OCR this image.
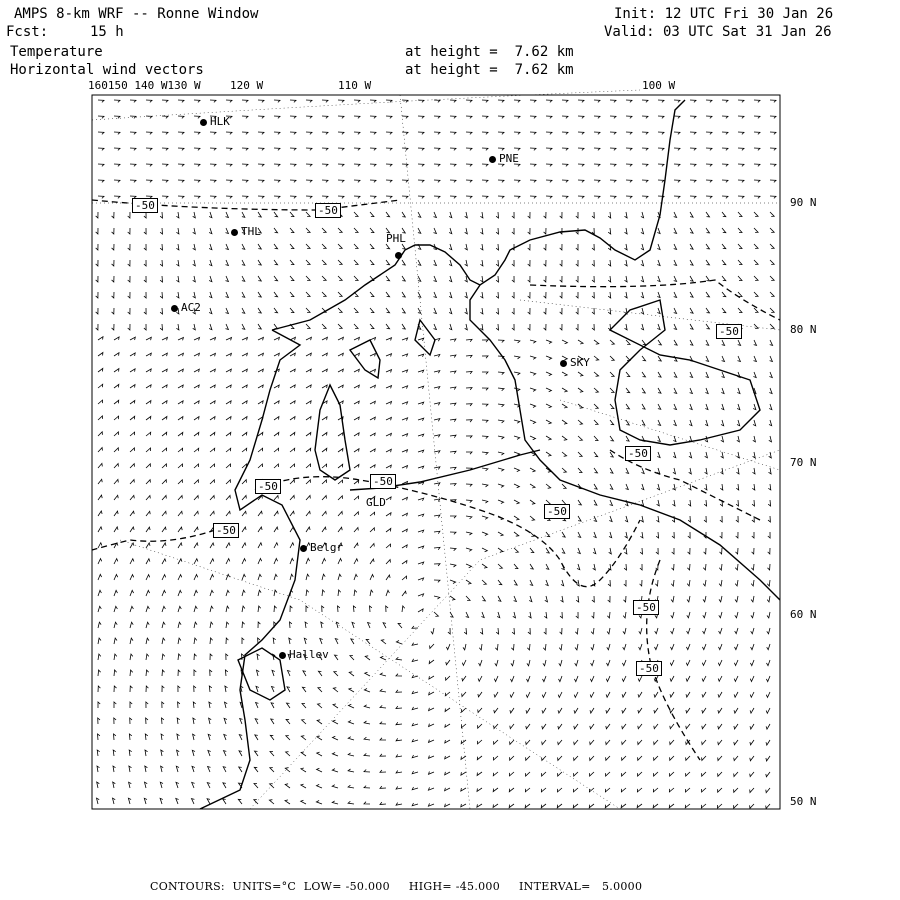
AMPS 8-km WRF -- Ronne Window
Fcst:	15 h
Init: 12 UTC Fri 30 Jan 26
Valid: 03 UTC Sat 31 Jan 26
Temperature
Horizontal wind vectors
at height =  7.62 km
at height =  7.62 km
160150 140 W130 W	120 W	110 W	100 W
90 N
80 N
70 N
60 N
50 N
HLK
PNE
THL
PHL
AC2
SKY
GLD
Belgr
Hallev
-50	-50
-50
-50
-50	-50
-50
-50
-50
-50
CONTOURS:  UNITS=°C  LOW= -50.000     HIGH= -45.000     INTERVAL=   5.0000
